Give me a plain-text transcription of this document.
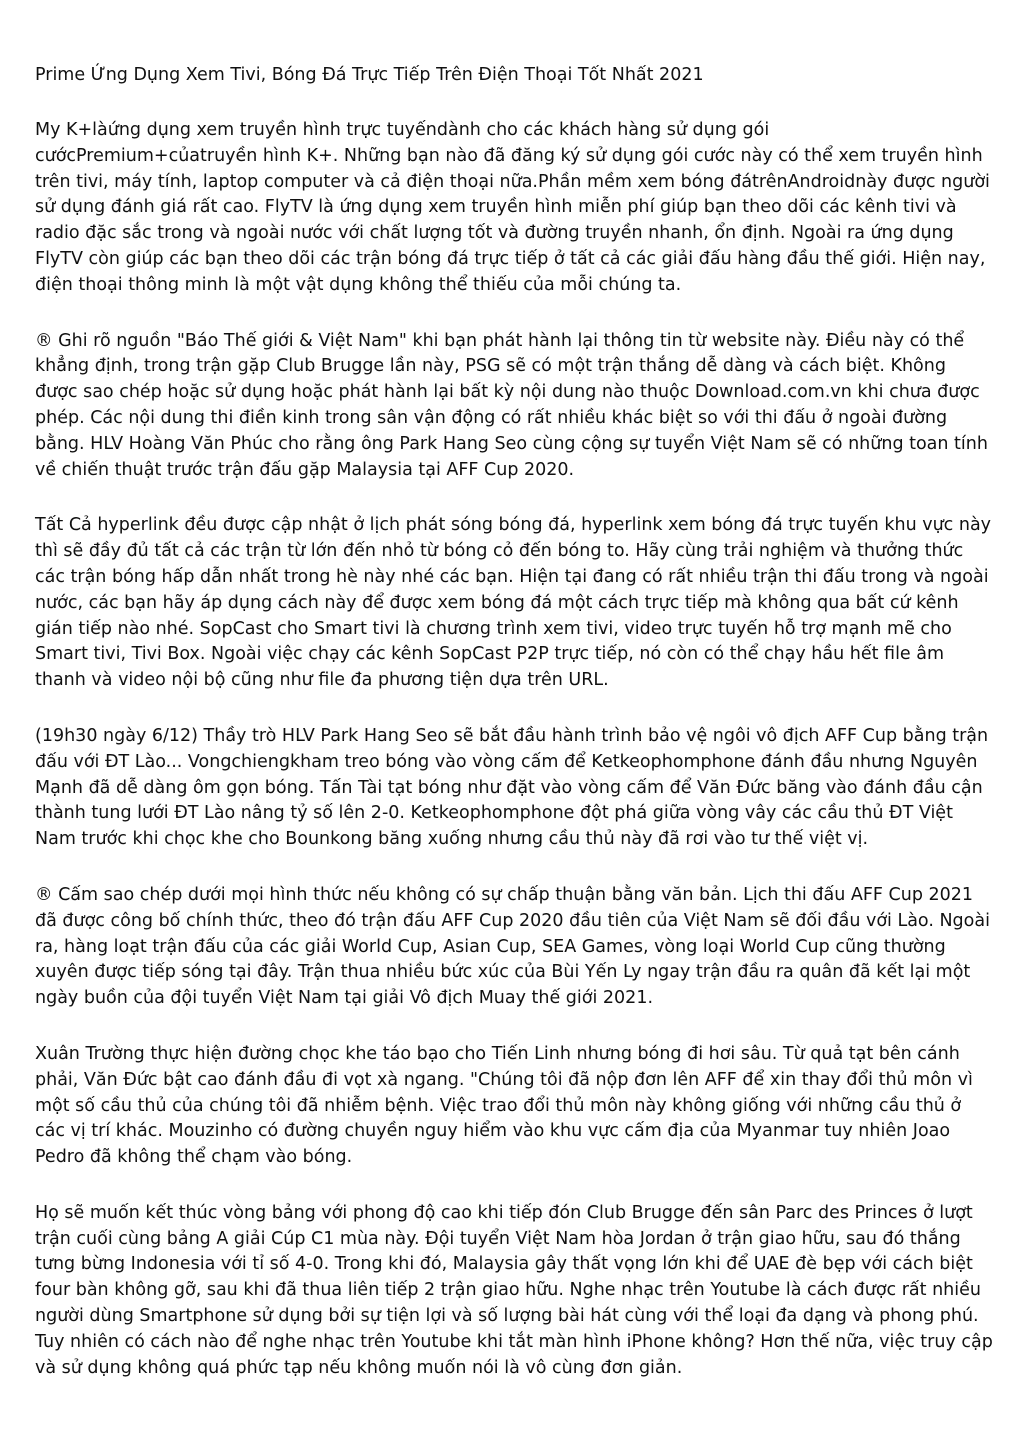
Prime Ứng Dụng Xem Tivi, Bóng Đá Trực Tiếp Trên Điện Thoại Tốt Nhất 2021

My K+làứng dụng xem truyền hình trực tuyếndành cho các khách hàng sử dụng gói cướcPremium+củatruyền hình K+. Những bạn nào đã đăng ký sử dụng gói cước này có thể xem truyền hình trên tivi, máy tính, laptop computer và cả điện thoại nữa.Phần mềm xem bóng đátrênAndroidnày được người sử dụng đánh giá rất cao. FlyTV là ứng dụng xem truyền hình miễn phí giúp bạn theo dõi các kênh tivi và radio đặc sắc trong và ngoài nước với chất lượng tốt và đường truyền nhanh, ổn định. Ngoài ra ứng dụng FlyTV còn giúp các bạn theo dõi các trận bóng đá trực tiếp ở tất cả các giải đấu hàng đầu thế giới. Hiện nay, điện thoại thông minh là một vật dụng không thể thiếu của mỗi chúng ta.

® Ghi rõ nguồn "Báo Thế giới & Việt Nam" khi bạn phát hành lại thông tin từ website này. Điều này có thể khẳng định, trong trận gặp Club Brugge lần này, PSG sẽ có một trận thắng dễ dàng và cách biệt. Không được sao chép hoặc sử dụng hoặc phát hành lại bất kỳ nội dung nào thuộc Download.com.vn khi chưa được phép. Các nội dung thi điền kinh trong sân vận động có rất nhiều khác biệt so với thi đấu ở ngoài đường bằng. HLV Hoàng Văn Phúc cho rằng ông Park Hang Seo cùng cộng sự tuyển Việt Nam sẽ có những toan tính về chiến thuật trước trận đấu gặp Malaysia tại AFF Cup 2020.

Tất Cả hyperlink đều được cập nhật ở lịch phát sóng bóng đá, hyperlink xem bóng đá trực tuyến khu vực này thì sẽ đầy đủ tất cả các trận từ lớn đến nhỏ từ bóng cỏ đến bóng to. Hãy cùng trải nghiệm và thưởng thức các trận bóng hấp dẫn nhất trong hè này nhé các bạn. Hiện tại đang có rất nhiều trận thi đấu trong và ngoài nước, các bạn hãy áp dụng cách này để được xem bóng đá một cách trực tiếp mà không qua bất cứ kênh gián tiếp nào nhé. SopCast cho Smart tivi là chương trình xem tivi, video trực tuyến hỗ trợ mạnh mẽ cho Smart tivi, Tivi Box. Ngoài việc chạy các kênh SopCast P2P trực tiếp, nó còn có thể chạy hầu hết file âm thanh và video nội bộ cũng như file đa phương tiện dựa trên URL.

(19h30 ngày 6/12) Thầy trò HLV Park Hang Seo sẽ bắt đầu hành trình bảo vệ ngôi vô địch AFF Cup bằng trận đấu với ĐT Lào... Vongchiengkham treo bóng vào vòng cấm để Ketkeophomphone đánh đầu nhưng Nguyên Mạnh đã dễ dàng ôm gọn bóng. Tấn Tài tạt bóng như đặt vào vòng cấm để Văn Đức băng vào đánh đầu cận thành tung lưới ĐT Lào nâng tỷ số lên 2-0. Ketkeophomphone đột phá giữa vòng vây các cầu thủ ĐT Việt Nam trước khi chọc khe cho Bounkong băng xuống nhưng cầu thủ này đã rơi vào tư thế việt vị.

® Cấm sao chép dưới mọi hình thức nếu không có sự chấp thuận bằng văn bản. Lịch thi đấu AFF Cup 2021 đã được công bố chính thức, theo đó trận đấu AFF Cup 2020 đầu tiên của Việt Nam sẽ đối đầu với Lào. Ngoài ra, hàng loạt trận đấu của các giải World Cup, Asian Cup, SEA Games, vòng loại World Cup cũng thường xuyên được tiếp sóng tại đây. Trận thua nhiều bức xúc của Bùi Yến Ly ngay trận đầu ra quân đã kết lại một ngày buồn của đội tuyển Việt Nam tại giải Vô địch Muay thế giới 2021.

Xuân Trường thực hiện đường chọc khe táo bạo cho Tiến Linh nhưng bóng đi hơi sâu. Từ quả tạt bên cánh phải, Văn Đức bật cao đánh đầu đi vọt xà ngang. "Chúng tôi đã nộp đơn lên AFF để xin thay đổi thủ môn vì một số cầu thủ của chúng tôi đã nhiễm bệnh. Việc trao đổi thủ môn này không giống với những cầu thủ ở các vị trí khác. Mouzinho có đường chuyền nguy hiểm vào khu vực cấm địa của Myanmar tuy nhiên Joao Pedro đã không thể chạm vào bóng.

Họ sẽ muốn kết thúc vòng bảng với phong độ cao khi tiếp đón Club Brugge đến sân Parc des Princes ở lượt trận cuối cùng bảng A giải Cúp C1 mùa này. Đội tuyển Việt Nam hòa Jordan ở trận giao hữu, sau đó thắng tưng bừng Indonesia với tỉ số 4-0. Trong khi đó, Malaysia gây thất vọng lớn khi để UAE đè bẹp với cách biệt four bàn không gỡ, sau khi đã thua liên tiếp 2 trận giao hữu. Nghe nhạc trên Youtube là cách được rất nhiều người dùng Smartphone sử dụng bởi sự tiện lợi và số lượng bài hát cùng với thể loại đa dạng và phong phú. Tuy nhiên có cách nào để nghe nhạc trên Youtube khi tắt màn hình iPhone không? Hơn thế nữa, việc truy cập và sử dụng không quá phức tạp nếu không muốn nói là vô cùng đơn giản.
